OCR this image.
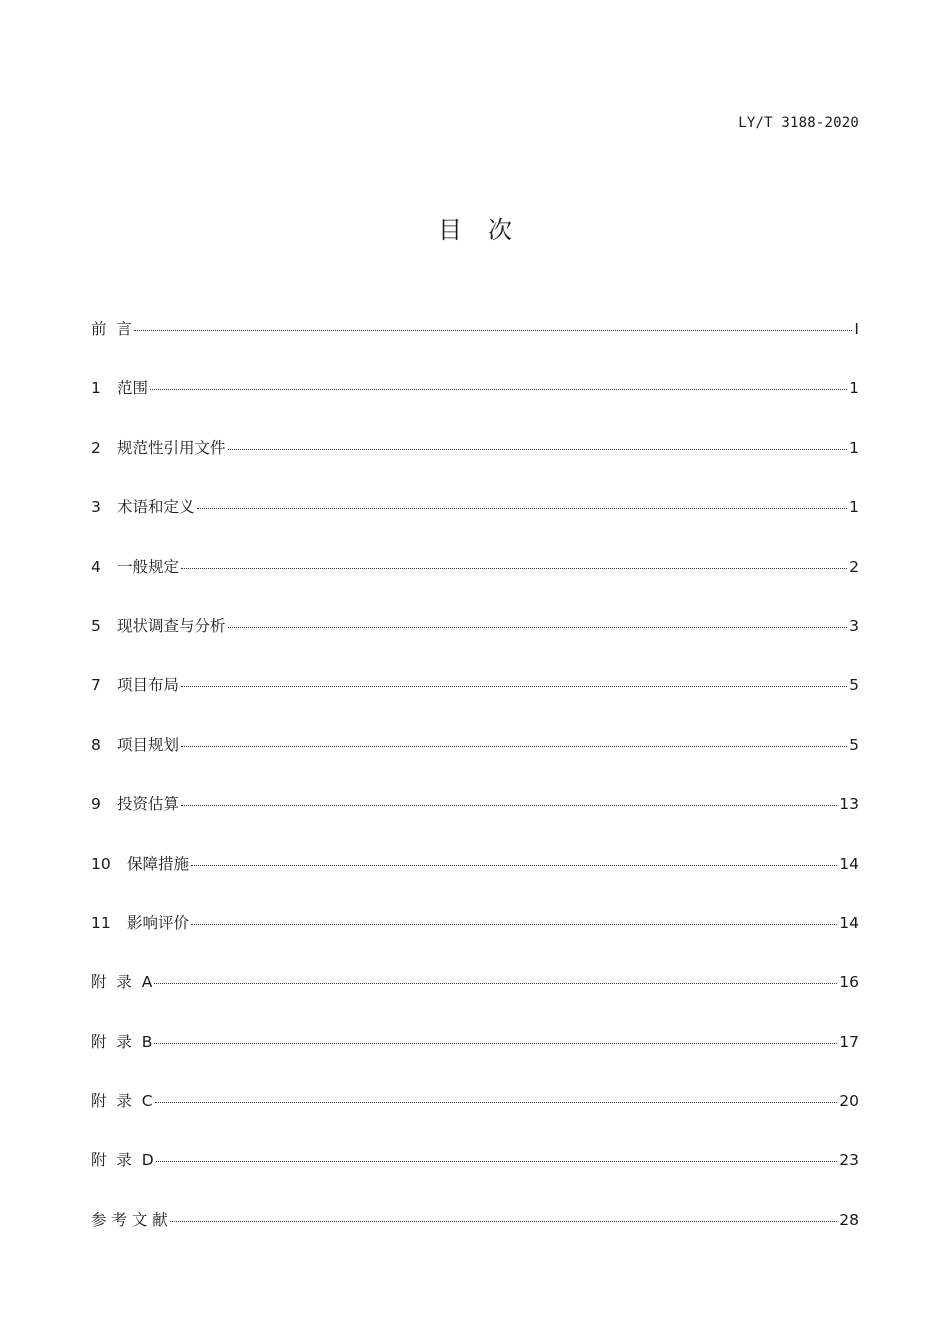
LY/T 3188-2020
目 次
前  言	I
1 范围	1
2 规范性引用文件	1
3 术语和定义	1
4 一般规定	2
5 现状调查与分析	3
7 项目布局	5
8 项目规划	5
9 投资估算	13
10 保障措施	14
11 影响评价	14
附  录  A	16
附  录  B	17
附  录  C	20
附  录  D	23
参 考 文 献	28
